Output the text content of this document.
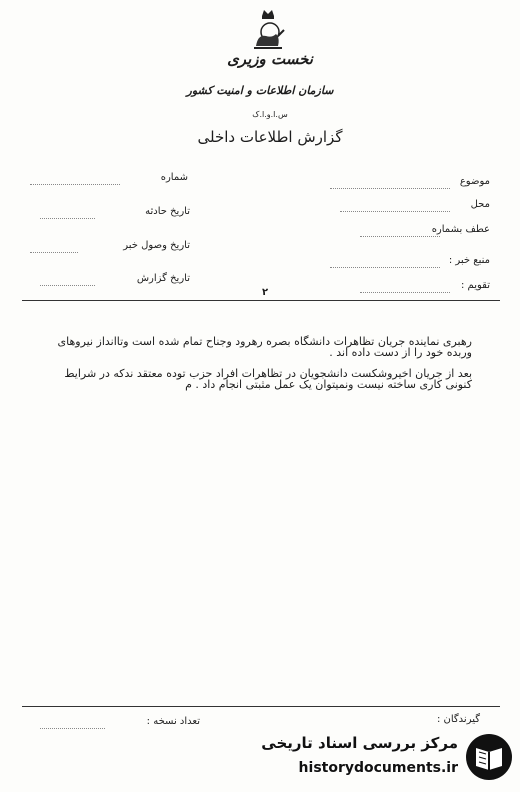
نخست وزیری
سازمان اطلاعات و امنیت کشور
س.ا.و.ا.ک
گزارش اطلاعات داخلی
موضوع
محل
عطف بشماره
منبع خبر :
تقویم :
شماره
تاریخ حادثه
تاریخ وصول خبر
تاریخ گزارش
۲

رهبری نماینده جریان تظاهرات دانشگاه بصره رهرود وجناح تمام شده است وتاانداز نیروهای وربده خود را از دست داده اند .

بعد از جریان اخیروشکست دانشجویان در تظاهرات افراد حزب توده معتقد ندکه در شرایط کنونی کاری ساخته نیست ونمیتوان یک عمل مثبتی انجام داد . م

گیرندگان :
تعداد نسخه :
مرکز بررسی اسناد تاریخی
historydocuments.ir
